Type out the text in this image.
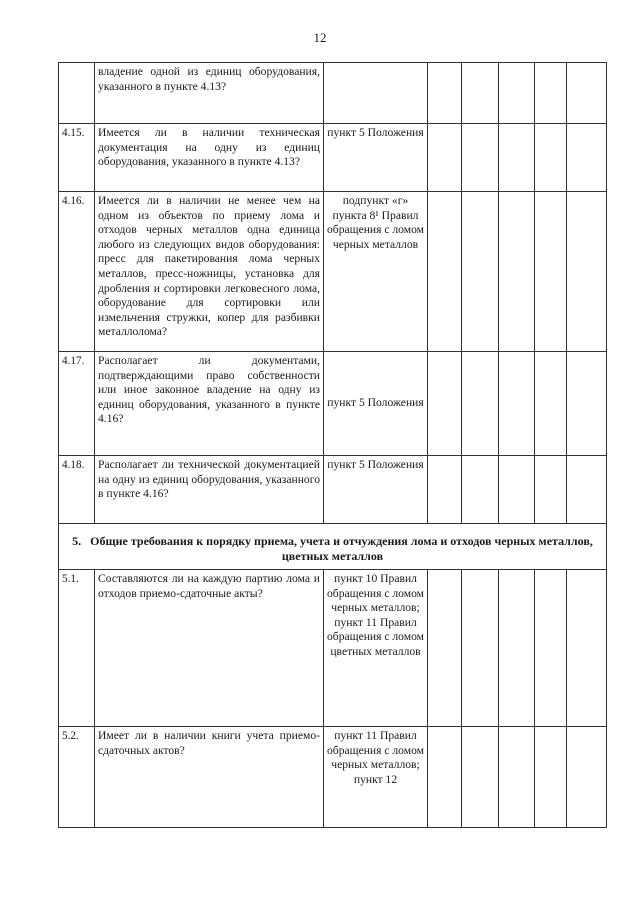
12
	владение одной из единиц оборудования, указанного в пункте 4.13?						
4.15.	Имеется ли в наличии техническая документация на одну из единиц оборудования, указанного в пункте 4.13?	пункт 5 Положения					
4.16.	Имеется ли в наличии не менее чем на одном из объектов по приему лома и отходов черных металлов одна единица любого из следующих видов оборудования: пресс для пакетирования лома черных металлов, пресс-ножницы, установка для дробления и сортировки легковесного лома, оборудование для сортировки или измельчения стружки, копер для разбивки металлолома?	подпункт «г» пункта 8¹ Правил обращения с ломом черных металлов					
4.17.	Располагает ли документами, подтверждающими право собственности или иное законное владение на одну из единиц оборудования, указанного в пункте 4.16?	пункт 5 Положения					
4.18.	Располагает ли технической документацией на одну из единиц оборудования, указанного в пункте 4.16?	пункт 5 Положения					
5. Общие требования к порядку приема, учета и отчуждения лома и отходов черных металлов, цветных металлов							
5.1.	Составляются ли на каждую партию лома и отходов приемо-сдаточные акты?	пункт 10 Правил обращения с ломом черных металлов; пункт 11 Правил обращения с ломом цветных металлов					
5.2.	Имеет ли в наличии книги учета приемо-сдаточных актов?	пункт 11 Правил обращения с ломом черных металлов; пункт 12					
